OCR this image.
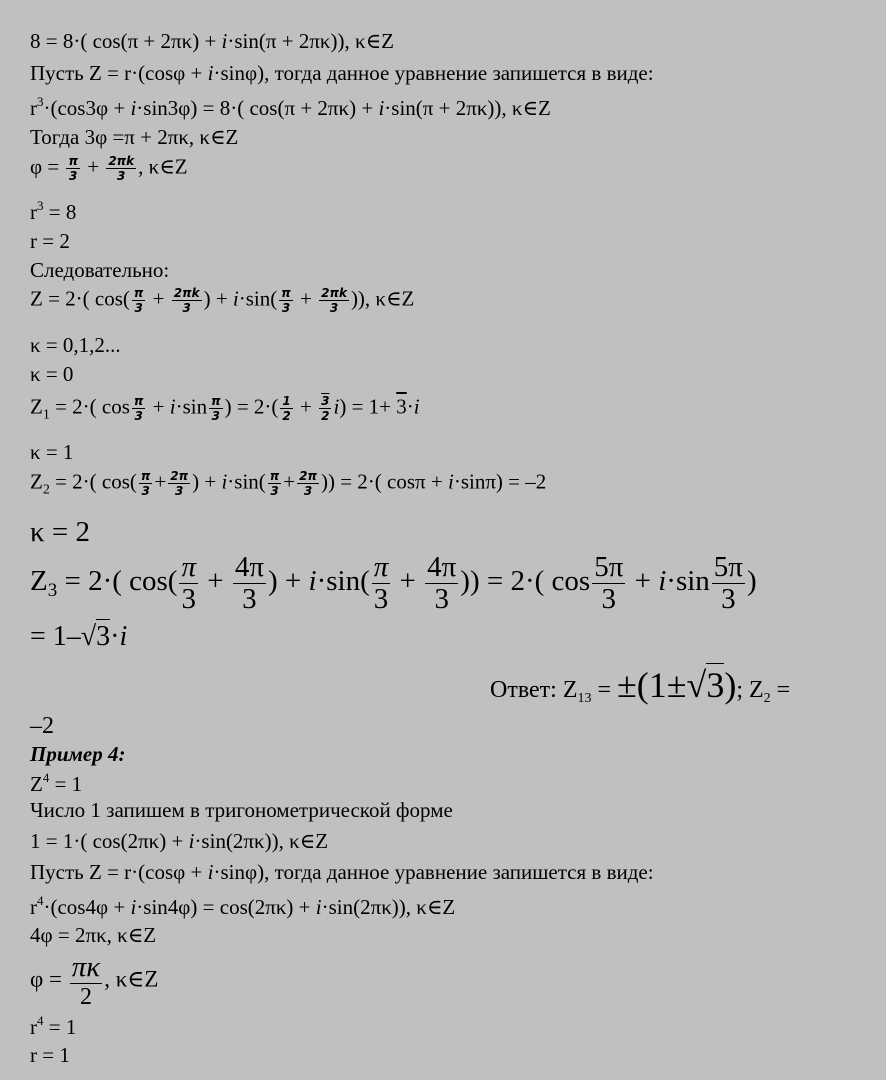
8 = 8·( cos(π + 2πκ) + i·sin(π + 2πκ)), κ∈Z
Пусть Z = r·(cosφ + i·sinφ), тогда данное уравнение запишется в виде:
$r^3\cdot(\cos 3\varphi + i\cdot\sin 3\varphi) = 8\cdot$( cos(π + 2πκ) + i·sin(π + 2πκ)), κ∈Z
Тогда 3φ =π + 2πκ, κ∈Z
$\varphi = \frac{\pi}{3} + \frac{2\pi k}{3}$ , κ∈Z
$r^3 = 8$
r = 2
Следовательно:
Z = 2·( $\cos( \frac{\pi}{3} + \frac{2\pi k}{3}$ ) + $i\cdot\sin( \frac{\pi}{3} + \frac{2\pi k}{3}$ )), κ∈Z
κ = 0,1,2...
κ = 0
$Z_1 = 2\cdot$( $\cos \frac{\pi}{3} + i\cdot\sin \frac{\pi}{3}$ ) = $2\cdot( \frac{1}{2} + \frac{3}{2} i) = 1+ 3\cdot i$
κ = 1
$Z_2 = 2\cdot$( $\cos( \frac{\pi}{3} + \frac{2\pi}{3}$ ) + $i\cdot\sin( \frac{\pi}{3} + \frac{2\pi}{3}$ )) = 2·( cosπ + i·sinπ) = –2
κ = 2
$Z_3 = 2\cdot$( $\cos( \frac{\pi}{3} + \frac{4\pi}{3}$ ) + $i\cdot\sin( \frac{\pi}{3} + \frac{4\pi}{3}$ )) = 2·( $\cos \frac{5\pi}{3} + i\cdot\sin \frac{5\pi}{3}$ )
= 1–√3·i
Ответ: $Z_{13} = \pm(1\pm√3)$; $Z_2$ =
–2
Пример 4:
$Z^4 = 1$
Число 1 запишем в тригонометрической форме
1 = 1·( cos(2πκ) + i·sin(2πκ)), κ∈Z
Пусть Z = r·(cosφ + i·sinφ), тогда данное уравнение запишется в виде:
$r^4\cdot(\cos 4\varphi + i\cdot\sin 4\varphi) = \cos(2\pi\kappa) + i\cdot\sin(2\pi\kappa)$), κ∈Z
4φ = 2πκ, κ∈Z
$\varphi = \frac{\pi\kappa}{2}$ , κ∈Z
$r^4 = 1$
r = 1
